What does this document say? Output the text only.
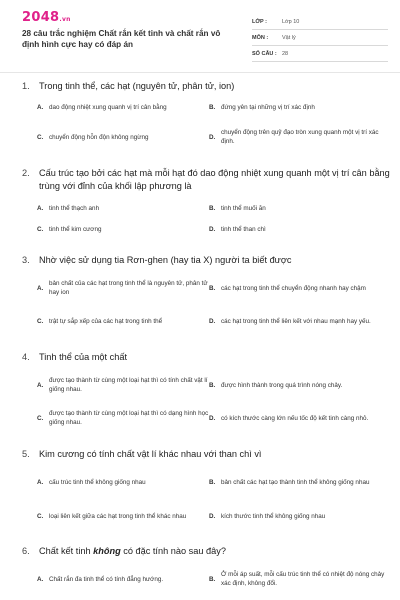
2048.vn
28 câu trắc nghiệm Chất rắn kết tinh và chất rắn vô định hình cực hay có đáp án
LỚP :	Lớp 10
MÔN :	Vật lý
SỐ CÂU : 28
1.	Trong tinh thể, các hạt (nguyên tử, phân tử, ion)
A. dao động nhiệt xung quanh vị trí cân bằng	B. đứng yên tại những vị trí xác định
C. chuyển động hỗn độn không ngừng	D.
chuyển động trên quỹ đạo tròn xung quanh một vị trí xác định.
2.	Cấu trúc tạo bởi các hạt mà mỗi hạt đó dao động nhiệt xung quanh một vị trí cân bằng trùng với đỉnh của khối lập phương là
A. tinh thể thạch anh	B. tinh thể muối ăn
C. tinh thể kim cương	D. tinh thể than chì
3.	Nhờ việc sử dụng tia Rơn-ghen (hay tia X) người ta biết được
A.
bản chất của các hạt trong tinh thể là nguyên tử, phân tử hay ion
B. các hạt trong tinh thể chuyển động nhanh hay chậm
C. trật tự sắp xếp của các hạt trong tinh thể	D. các hạt trong tinh thể liên kết với nhau mạnh hay yếu.
4.	Tinh thể của một chất
A.
được tạo thành từ cùng một loại hạt thì có tính chất vật lí giống nhau.
B. được hình thành trong quá trình nóng chảy.
C.
được tạo thành từ cùng một loại hạt thì có dạng hình học giống nhau.
D. có kích thước càng lớn nếu tốc độ kết tinh càng nhỏ.
5.	Kim cương có tính chất vật lí khác nhau với than chì vì
A. cấu trúc tinh thể không giống nhau	B. bản chất các hạt tạo thành tinh thể không giống nhau
C. loại liên kết giữa các hạt trong tinh thể khác nhau	D. kích thước tinh thể không giống nhau
6.	Chất kết tinh không có đặc tính nào sau đây?
A. Chất rắn đa tinh thể có tính đẳng hướng.	B.
Ở mỗi áp suất, mỗi cấu trúc tinh thể có nhiệt độ nóng chảy xác định, không đổi.
